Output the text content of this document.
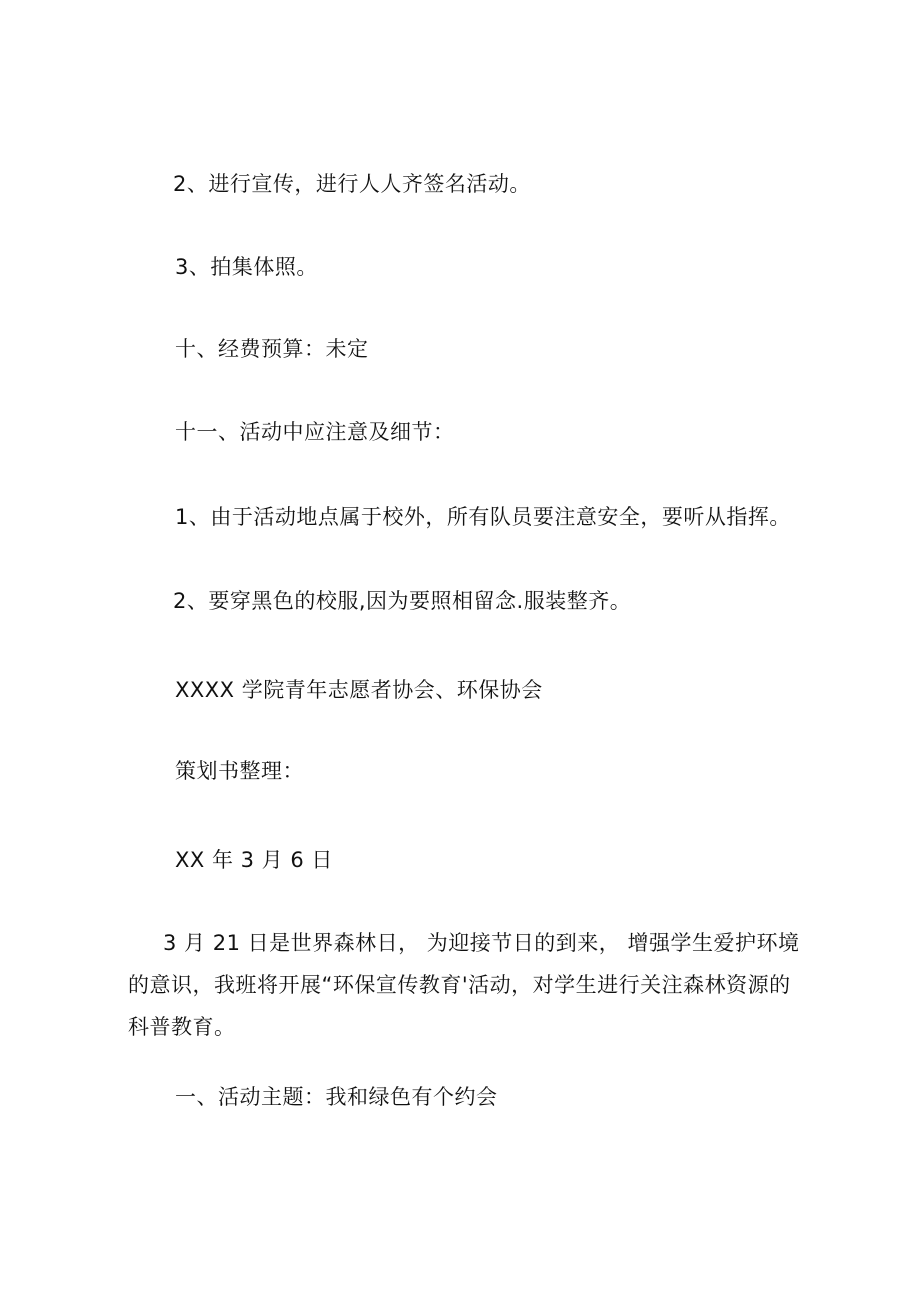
2、进行宣传，进行人人齐签名活动。
3、拍集体照。
十、经费预算：未定
十一、活动中应注意及细节：
1、由于活动地点属于校外，所有队员要注意安全，要听从指挥。
2、要穿黑色的校服,因为要照相留念.服装整齐。
XXXX 学院青年志愿者协会、环保协会
策划书整理：
XX 年 3 月 6 日
3 月 21 日是世界森林日， 为迎接节日的到来， 增强学生爱护环境的意识，我班将开展“环保宣传教育'活动，对学生进行关注森林资源的科普教育。
一、活动主题：我和绿色有个约会
